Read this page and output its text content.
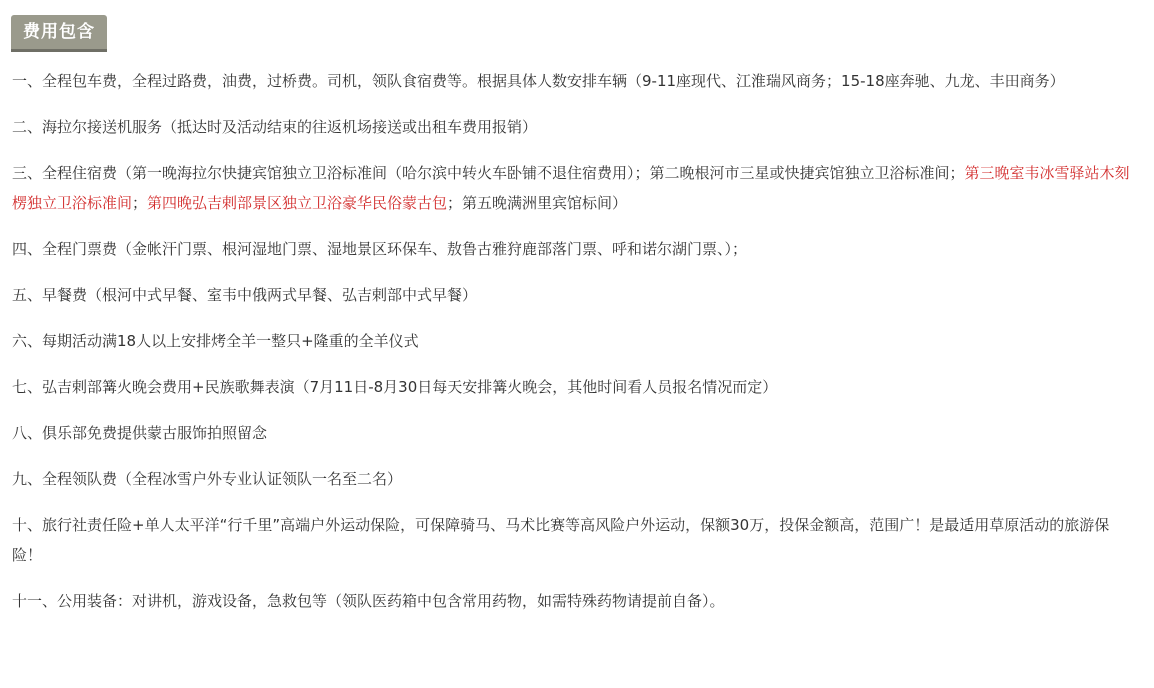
费用包含

一、全程包车费，全程过路费，油费，过桥费。司机，领队食宿费等。根据具体人数安排车辆（9-11座现代、江淮瑞风商务；15-18座奔驰、九龙、丰田商务）

二、海拉尔接送机服务（抵达时及活动结束的往返机场接送或出租车费用报销）

三、全程住宿费（第一晚海拉尔快捷宾馆独立卫浴标准间（哈尔滨中转火车卧铺不退住宿费用）；第二晚根河市三星或快捷宾馆独立卫浴标准间；第三晚室韦冰雪驿站木刻楞独立卫浴标准间；第四晚弘吉剌部景区独立卫浴豪华民俗蒙古包；第五晚满洲里宾馆标间）

四、全程门票费（金帐汗门票、根河湿地门票、湿地景区环保车、敖鲁古雅狩鹿部落门票、呼和诺尔湖门票、）；

五、早餐费（根河中式早餐、室韦中俄两式早餐、弘吉剌部中式早餐）

六、每期活动满18人以上安排烤全羊一整只+隆重的全羊仪式

七、弘吉剌部篝火晚会费用+民族歌舞表演（7月11日-8月30日每天安排篝火晚会，其他时间看人员报名情况而定）

八、俱乐部免费提供蒙古服饰拍照留念

九、全程领队费（全程冰雪户外专业认证领队一名至二名）

十、旅行社责任险+单人太平洋“行千里”高端户外运动保险，可保障骑马、马术比赛等高风险户外运动，保额30万，投保金额高，范围广！是最适用草原活动的旅游保险！

十一、公用装备：对讲机，游戏设备，急救包等（领队医药箱中包含常用药物，如需特殊药物请提前自备）。
